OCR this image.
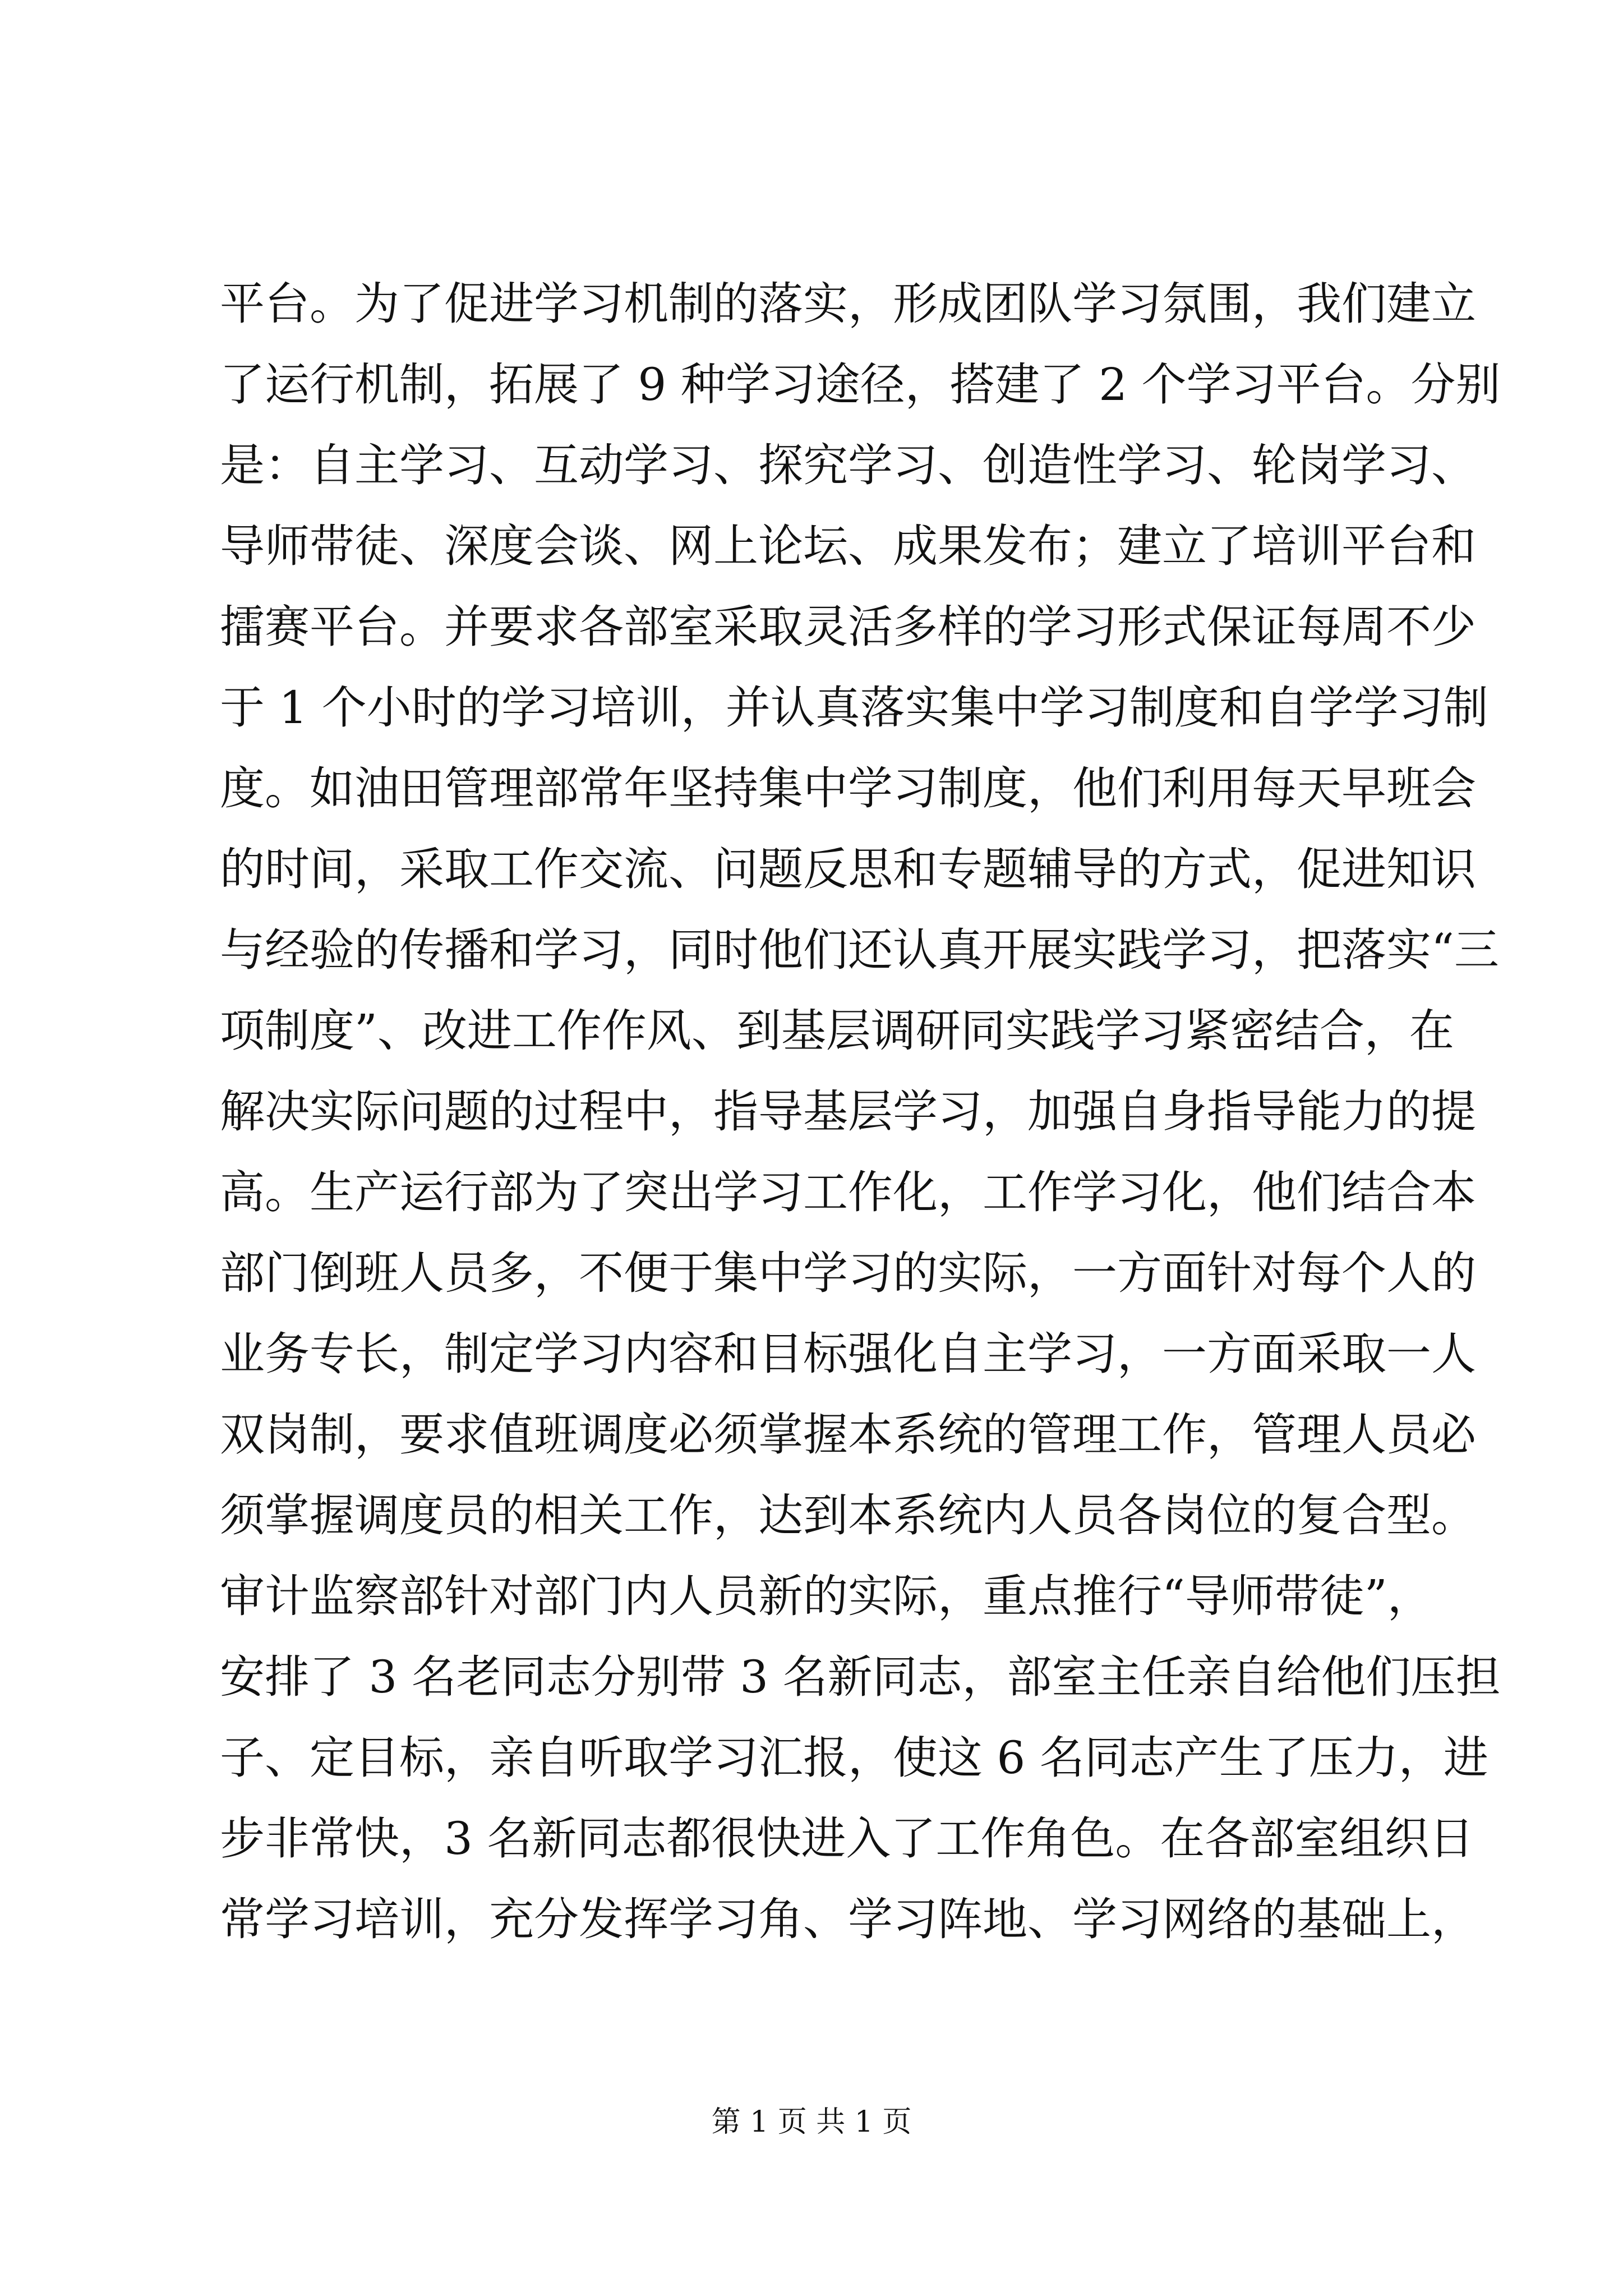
平台。为了促进学习机制的落实，形成团队学习氛围，我们建立
了运行机制，拓展了 9 种学习途径，搭建了 2 个学习平台。分别
是：自主学习、互动学习、探究学习、创造性学习、轮岗学习、
导师带徒、深度会谈、网上论坛、成果发布；建立了培训平台和
擂赛平台。并要求各部室采取灵活多样的学习形式保证每周不少
于 1 个小时的学习培训，并认真落实集中学习制度和自学学习制
度。如油田管理部常年坚持集中学习制度，他们利用每天早班会
的时间，采取工作交流、问题反思和专题辅导的方式，促进知识
与经验的传播和学习，同时他们还认真开展实践学习，把落实“三
项制度”、改进工作作风、到基层调研同实践学习紧密结合，在
解决实际问题的过程中，指导基层学习，加强自身指导能力的提
高。生产运行部为了突出学习工作化，工作学习化，他们结合本
部门倒班人员多，不便于集中学习的实际，一方面针对每个人的
业务专长，制定学习内容和目标强化自主学习，一方面采取一人
双岗制，要求值班调度必须掌握本系统的管理工作，管理人员必
须掌握调度员的相关工作，达到本系统内人员各岗位的复合型。
审计监察部针对部门内人员新的实际，重点推行“导师带徒”，
安排了 3 名老同志分别带 3 名新同志，部室主任亲自给他们压担
子、定目标，亲自听取学习汇报，使这 6 名同志产生了压力，进
步非常快，3 名新同志都很快进入了工作角色。在各部室组织日
常学习培训，充分发挥学习角、学习阵地、学习网络的基础上，
第 1 页 共 1 页
